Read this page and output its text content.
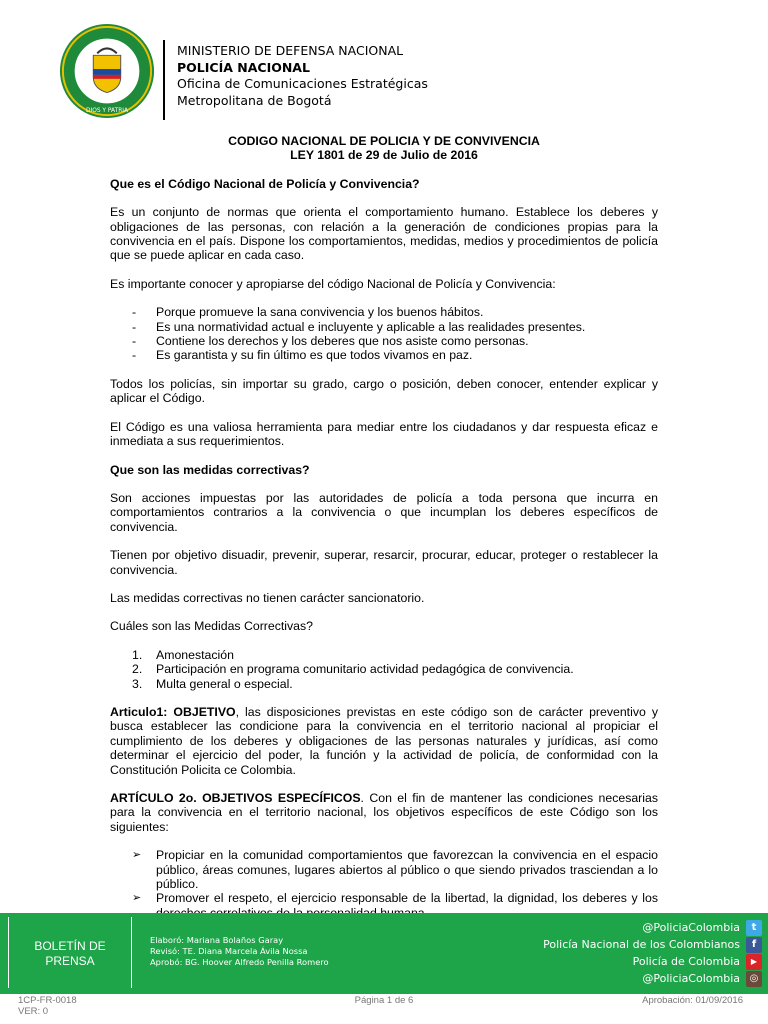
DIOS Y PATRIA
MINISTERIO DE DEFENSA NACIONAL
POLICÍA NACIONAL
Oficina de Comunicaciones Estratégicas
Metropolitana de Bogotá
CODIGO NACIONAL DE POLICIA Y DE CONVIVENCIA
LEY 1801 de 29 de Julio de 2016

Que es el Código Nacional de Policía y Convivencia?

Es un conjunto de normas que orienta el comportamiento humano. Establece los deberes y obligaciones de las personas, con relación a la generación de condiciones propias para la convivencia en el país. Dispone los comportamientos, medidas, medios y procedimientos de policía que se puede aplicar en cada caso.

Es importante conocer y apropiarse del código Nacional de Policía y Convivencia:

- Porque promueve la sana convivencia y los buenos hábitos.
- Es una normatividad actual e incluyente y aplicable a las realidades presentes.
- Contiene los derechos y los deberes que nos asiste como personas.
- Es garantista y su fin último es que todos vivamos en paz.

Todos los policías, sin importar su grado, cargo o posición, deben conocer, entender explicar y aplicar el Código.

El Código es una valiosa herramienta para mediar entre los ciudadanos y dar respuesta eficaz e inmediata a sus requerimientos.

Que son las medidas correctivas?

Son acciones impuestas por las autoridades de policía a toda persona que incurra en comportamientos contrarios a la convivencia o que incumplan los deberes específicos de convivencia.

Tienen por objetivo disuadir, prevenir, superar, resarcir, procurar, educar, proteger o restablecer la convivencia.

Las medidas correctivas no tienen carácter sancionatorio.

Cuáles son las Medidas Correctivas?

1. Amonestación
2. Participación en programa comunitario actividad pedagógica de convivencia.
3. Multa general o especial.

Articulo1: OBJETIVO, las disposiciones previstas en este código son de carácter preventivo y busca establecer las condicione para la convivencia en el territorio nacional al propiciar el cumplimiento de los deberes y obligaciones de las personas naturales y jurídicas, así como determinar el ejercicio del poder, la función y la actividad de policía, de conformidad con la Constitución Policita ce Colombia.

ARTÍCULO 2o. OBJETIVOS ESPECÍFICOS. Con el fin de mantener las condiciones necesarias para la convivencia en el territorio nacional, los objetivos específicos de este Código son los siguientes:

➢ Propiciar en la comunidad comportamientos que favorezcan la convivencia en el espacio público, áreas comunes, lugares abiertos al público o que siendo privados trasciendan a lo público.
➢ Promover el respeto, el ejercicio responsable de la libertad, la dignidad, los deberes y los
BOLETÍN DE PRENSA
Elaboró: Mariana Bolaños Garay
Revisó: TE. Diana Marcela Ávila Nossa
Aprobó: BG. Hoover Alfredo Penilla Romero
@PoliciaColombia	t
Policía Nacional de los Colombianos	f
Policía de Colombia	▶
@PoliciaColombia ◎
1CP-FR-0018
VER: 0
Página 1 de 6	Aprobación: 01/09/2016
